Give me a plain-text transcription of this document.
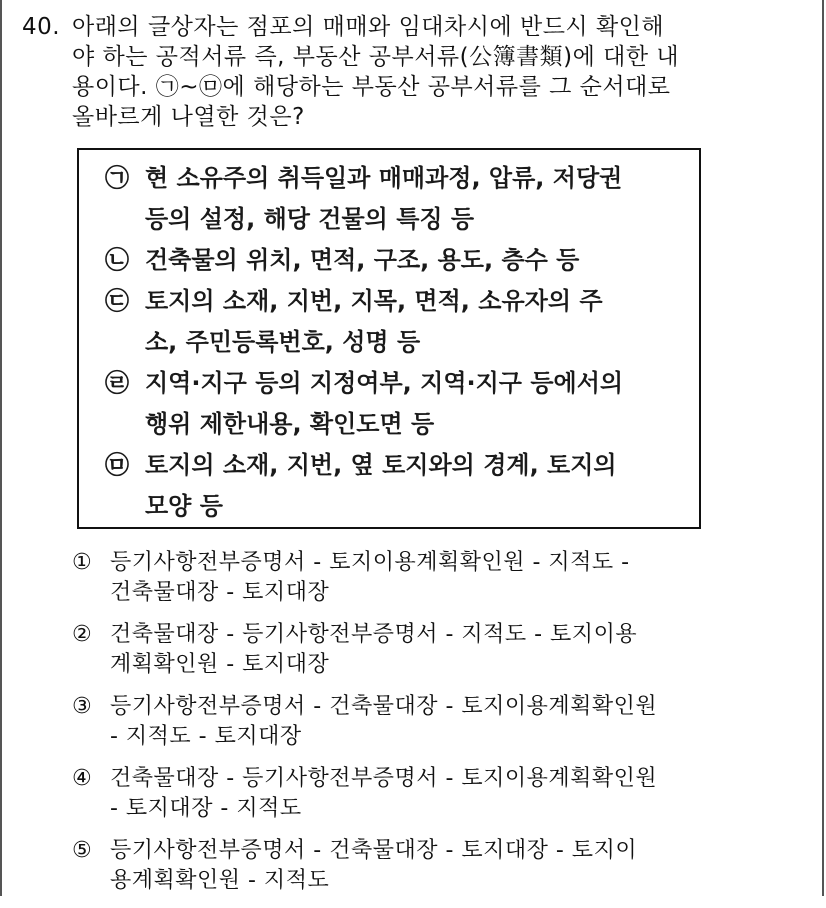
40. 아래의 글상자는 점포의 매매와 임대차시에 반드시 확인해
야 하는 공적서류 즉, 부동산 공부서류(公簿書類)에 대한 내
용이다. ㉠~㉤에 해당하는 부동산 공부서류를 그 순서대로
올바르게 나열한 것은?
㉠ 현 소유주의 취득일과 매매과정, 압류, 저당권
등의 설정, 해당 건물의 특징 등
㉡ 건축물의 위치, 면적, 구조, 용도, 층수 등
㉢ 토지의 소재, 지번, 지목, 면적, 소유자의 주
소, 주민등록번호, 성명 등
㉣ 지역·지구 등의 지정여부, 지역·지구 등에서의
행위 제한내용, 확인도면 등
㉤ 토지의 소재, 지번, 옆 토지와의 경계, 토지의
모양 등
① 등기사항전부증명서 - 토지이용계획확인원 - 지적도 -
건축물대장 - 토지대장
② 건축물대장 - 등기사항전부증명서 - 지적도 - 토지이용
계획확인원 - 토지대장
③ 등기사항전부증명서 - 건축물대장 - 토지이용계획확인원
- 지적도 - 토지대장
④ 건축물대장 - 등기사항전부증명서 - 토지이용계획확인원
- 토지대장 - 지적도
⑤ 등기사항전부증명서 - 건축물대장 - 토지대장 - 토지이
용계획확인원 - 지적도
